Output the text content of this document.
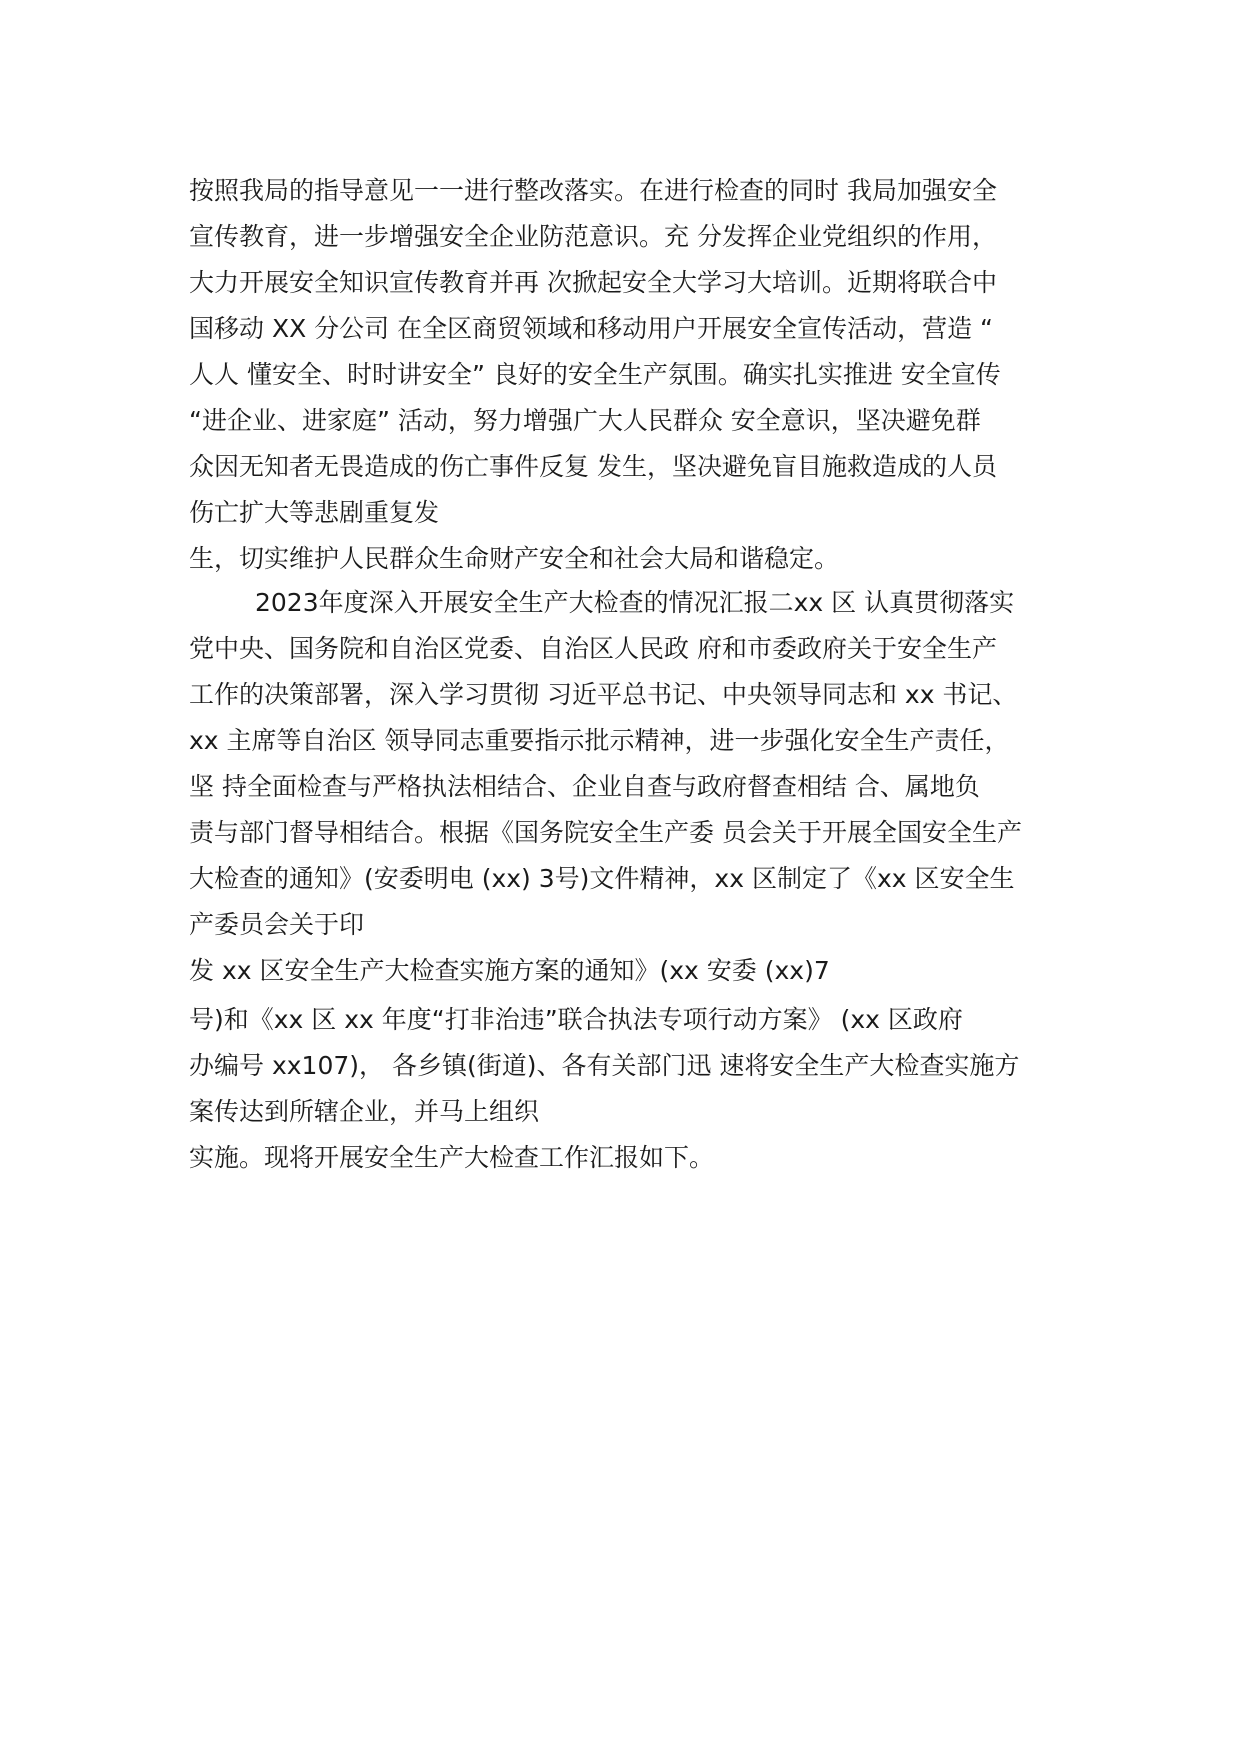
按照我局的指导意见一一进行整改落实。在进行检查的同时 我局加强安全
宣传教育，进一步增强安全企业防范意识。充 分发挥企业党组织的作用，
大力开展安全知识宣传教育并再 次掀起安全大学习大培训。近期将联合中
国移动 XX 分公司 在全区商贸领域和移动用户开展安全宣传活动，营造 “
人人 懂安全、时时讲安全” 良好的安全生产氛围。确实扎实推进 安全宣传
“进企业、进家庭” 活动，努力增强广大人民群众 安全意识，坚决避免群
众因无知者无畏造成的伤亡事件反复 发生，坚决避免盲目施救造成的人员
伤亡扩大等悲剧重复发
生，切实维护人民群众生命财产安全和社会大局和谐稳定。
2023年度深入开展安全生产大检查的情况汇报二xx 区 认真贯彻落实
党中央、国务院和自治区党委、自治区人民政 府和市委政府关于安全生产
工作的决策部署，深入学习贯彻 习近平总书记、中央领导同志和 xx 书记、
xx 主席等自治区 领导同志重要指示批示精神，进一步强化安全生产责任，
坚 持全面检查与严格执法相结合、企业自查与政府督查相结 合、属地负
责与部门督导相结合。根据《国务院安全生产委 员会关于开展全国安全生产
大检查的通知》(安委明电 (xx) 3号)文件精神，xx 区制定了《xx 区安全生
产委员会关于印
发 xx 区安全生产大检查实施方案的通知》(xx 安委 (xx)7
号)和《xx 区 xx 年度“打非治违”联合执法专项行动方案》 (xx 区政府
办编号 xx107)， 各乡镇(街道)、各有关部门迅 速将安全生产大检查实施方
案传达到所辖企业，并马上组织
实施。现将开展安全生产大检查工作汇报如下。
